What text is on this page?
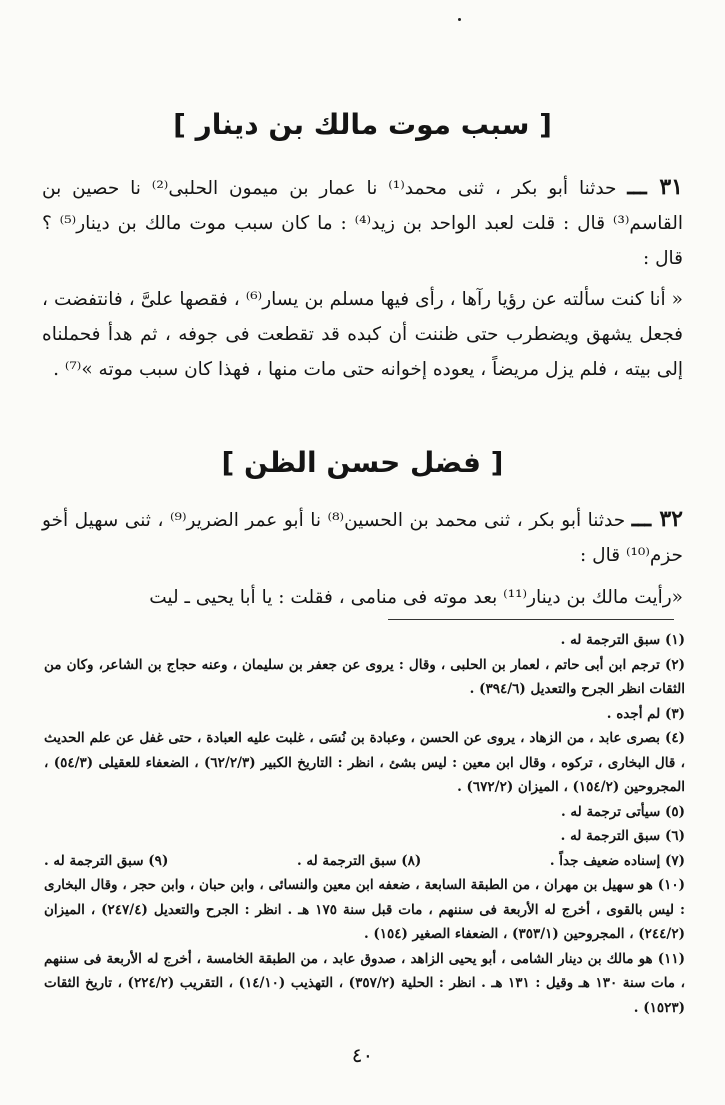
[ سبب موت مالك بن دينار ]
٣١ ـــ حدثنا أبو بكر ، ثنى محمد⁽¹⁾ نا عمار بن ميمون الحلبى⁽²⁾ نا حصين بن القاسم⁽³⁾ قال : قلت لعبد الواحد بن زيد⁽⁴⁾ : ما كان سبب موت مالك بن دينار⁽⁵⁾ ؟ قال :
« أنا كنت سألته عن رؤيا رآها ، رأى فيها مسلم بن يسار⁽⁶⁾ ، فقصها علىَّ ، فانتفضت ، فجعل يشهق ويضطرب حتى ظننت أن كبده قد تقطعت فى جوفه ، ثم هدأ فحملناه إلى بيته ، فلم يزل مريضاً ، يعوده إخوانه حتى مات منها ، فهذا كان سبب موته »⁽⁷⁾ .
[ فضل حسن الظن ]
٣٢ ـــ حدثنا أبو بكر ، ثنى محمد بن الحسين⁽⁸⁾ نا أبو عمر الضرير⁽⁹⁾ ، ثنى سهيل أخو حزم⁽¹⁰⁾ قال :
«رأيت مالك بن دينار⁽¹¹⁾ بعد موته فى منامى ، فقلت : يا أبا يحيى ـ ليت
(١) سبق الترجمة له .
(٢) ترجم ابن أبى حاتم ، لعمار بن الحلبى ، وقال : يروى عن جعفر بن سليمان ، وعنه حجاج بن الشاعر، وكان من الثقات انظر الجرح والتعديل (٣٩٤/٦) .
(٣) لم أجده .
(٤) بصرى عابد ، من الزهاد ، يروى عن الحسن ، وعبادة بن نُسَى ، غلبت عليه العبادة ، حتى غفل عن علم الحديث ، قال البخارى ، تركوه ، وقال ابن معين : ليس بشئ ، انظر : التاريخ الكبير (٦٢/٢/٣) ، الضعفاء للعقيلى (٥٤/٣) ، المجروحين (١٥٤/٢) ، الميزان (٦٧٢/٢) .
(٥) سيأتى ترجمة له .
(٦) سبق الترجمة له .
(٧) إسناده ضعيف جداً .
(٨) سبق الترجمة له .
(٩) سبق الترجمة له .
(١٠) هو سهيل بن مهران ، من الطبقة السابعة ، ضعفه ابن معين والنسائى ، وابن حبان ، وابن حجر ، وقال البخارى : ليس بالقوى ، أخرج له الأربعة فى سننهم ، مات قبل سنة ١٧٥ هـ . انظر : الجرح والتعديل (٢٤٧/٤) ، الميزان (٢٤٤/٢) ، المجروحين (٣٥٣/١) ، الضعفاء الصغير (١٥٤) .
(١١) هو مالك بن دينار الشامى ، أبو يحيى الزاهد ، صدوق عابد ، من الطبقة الخامسة ، أخرج له الأربعة فى سننهم ، مات سنة ١٣٠ هـ وقيل : ١٣١ هـ . انظر : الحلية (٣٥٧/٢) ، التهذيب (١٤/١٠) ، التقريب (٢٢٤/٢) ، تاريخ الثقات (١٥٢٣) .
٤٠
